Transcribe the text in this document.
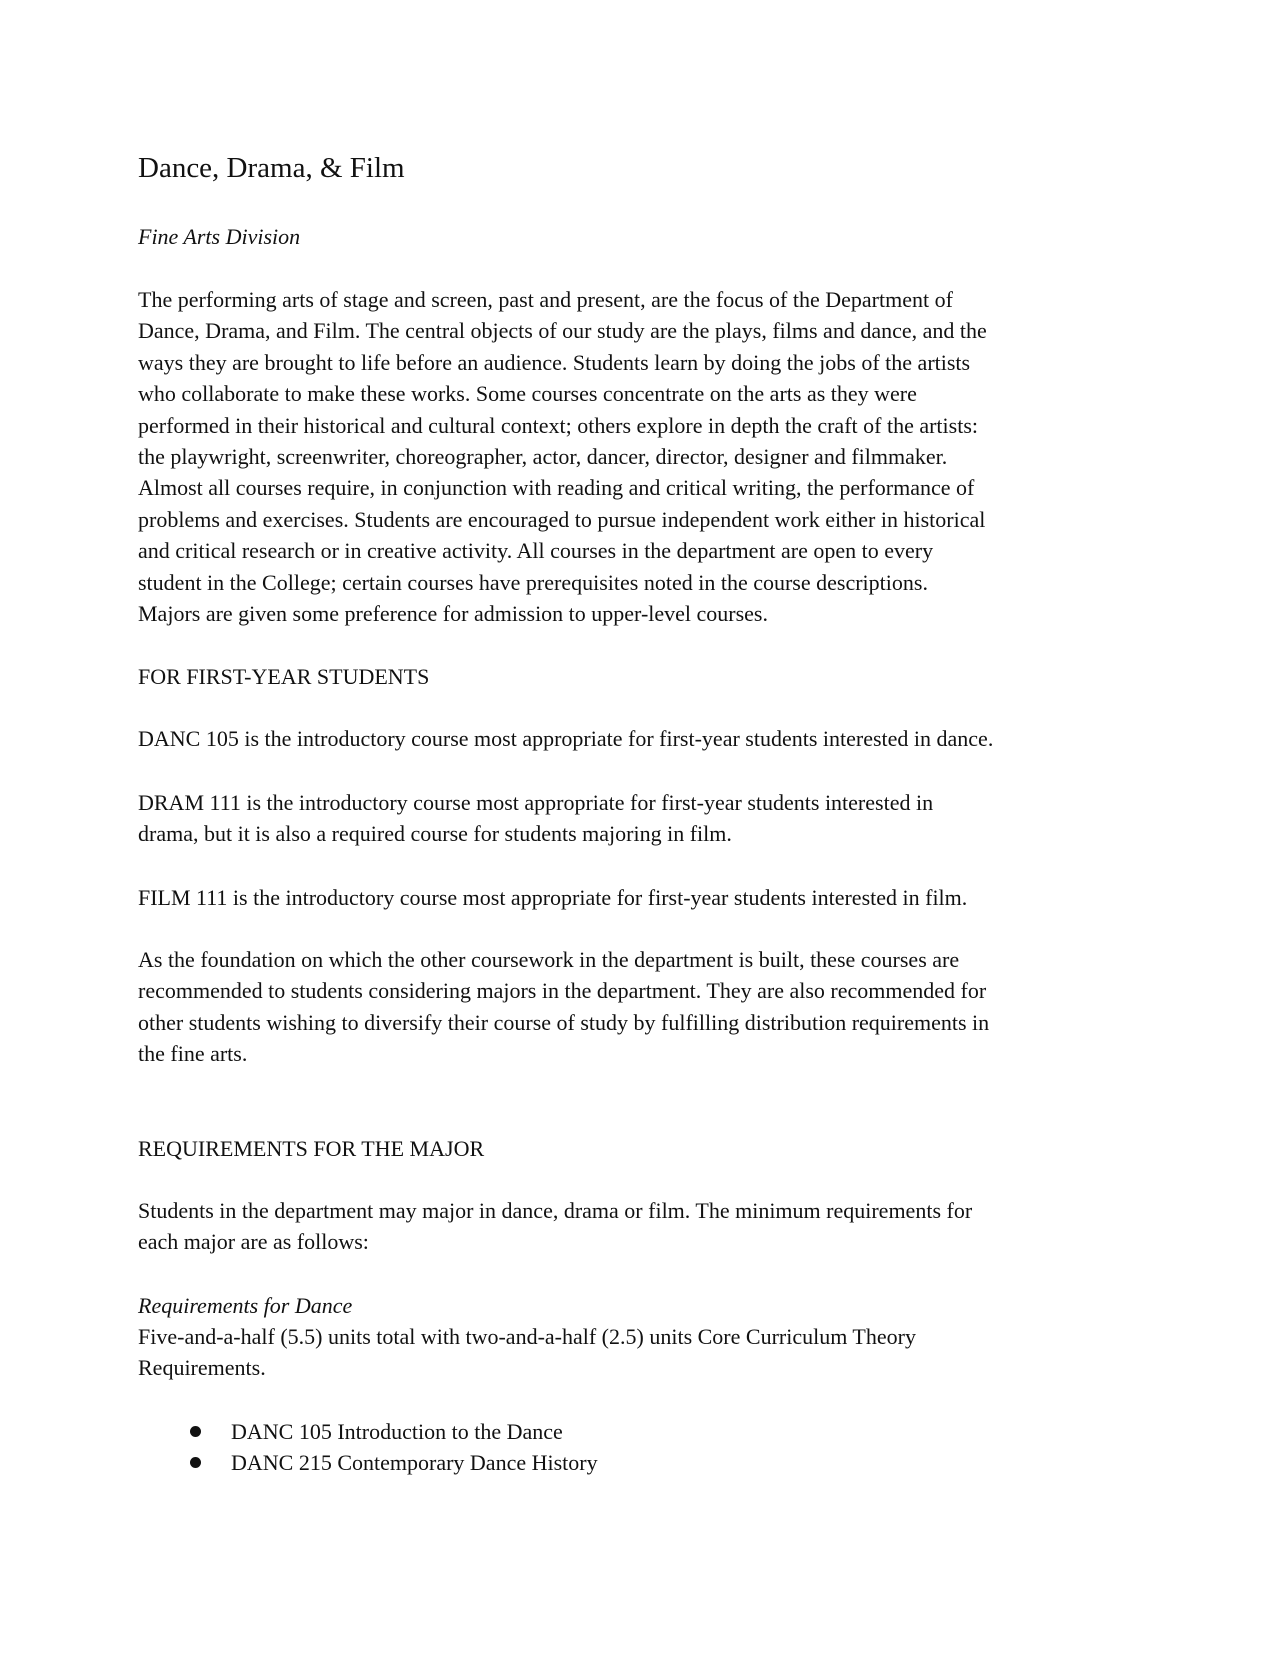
Dance, Drama, & Film
Fine Arts Division
The performing arts of stage and screen, past and present, are the focus of the Department of
Dance, Drama, and Film. The central objects of our study are the plays, films and dance, and the
ways they are brought to life before an audience. Students learn by doing the jobs of the artists
who collaborate to make these works. Some courses concentrate on the arts as they were
performed in their historical and cultural context; others explore in depth the craft of the artists:
the playwright, screenwriter, choreographer, actor, dancer, director, designer and filmmaker.
Almost all courses require, in conjunction with reading and critical writing, the performance of
problems and exercises. Students are encouraged to pursue independent work either in historical
and critical research or in creative activity. All courses in the department are open to every
student in the College; certain courses have prerequisites noted in the course descriptions.
Majors are given some preference for admission to upper-level courses.
FOR FIRST-YEAR STUDENTS
DANC 105 is the introductory course most appropriate for first-year students interested in dance.
DRAM 111 is the introductory course most appropriate for first-year students interested in
drama, but it is also a required course for students majoring in film.
FILM 111 is the introductory course most appropriate for first-year students interested in film.
As the foundation on which the other coursework in the department is built, these courses are
recommended to students considering majors in the department. They are also recommended for
other students wishing to diversify their course of study by fulfilling distribution requirements in
the fine arts.
REQUIREMENTS FOR THE MAJOR
Students in the department may major in dance, drama or film. The minimum requirements for
each major are as follows:
Requirements for Dance
Five-and-a-half (5.5) units total with two-and-a-half (2.5) units Core Curriculum Theory
Requirements.
DANC 105 Introduction to the Dance
DANC 215 Contemporary Dance History
